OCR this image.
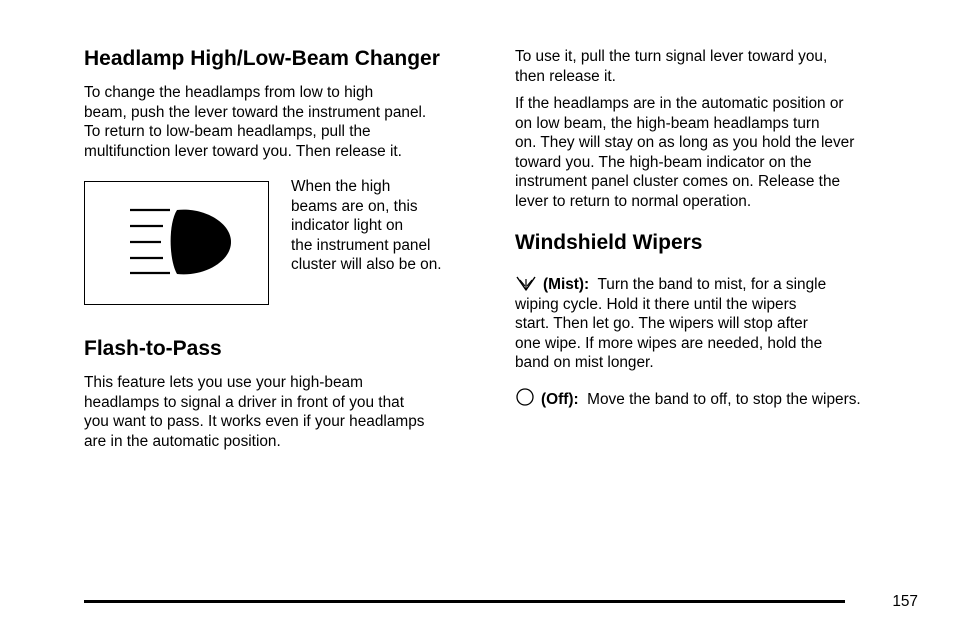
Headlamp High/Low-Beam Changer

To change the headlamps from low to high
beam, push the lever toward the instrument panel.
To return to low-beam headlamps, pull the
multifunction lever toward you. Then release it.

When the high
beams are on, this
indicator light on
the instrument panel
cluster will also be on.

Flash-to-Pass

This feature lets you use your high-beam
headlamps to signal a driver in front of you that
you want to pass. It works even if your headlamps
are in the automatic position.

To use it, pull the turn signal lever toward you,
then release it.

If the headlamps are in the automatic position or
on low beam, the high-beam headlamps turn
on. They will stay on as long as you hold the lever
toward you. The high-beam indicator on the
instrument panel cluster comes on. Release the
lever to return to normal operation.

Windshield Wipers

(Mist): Turn the band to mist, for a single
wiping cycle. Hold it there until the wipers
start. Then let go. The wipers will stop after
one wipe. If more wipes are needed, hold the
band on mist longer.

(Off): Move the band to off, to stop the wipers.

157
